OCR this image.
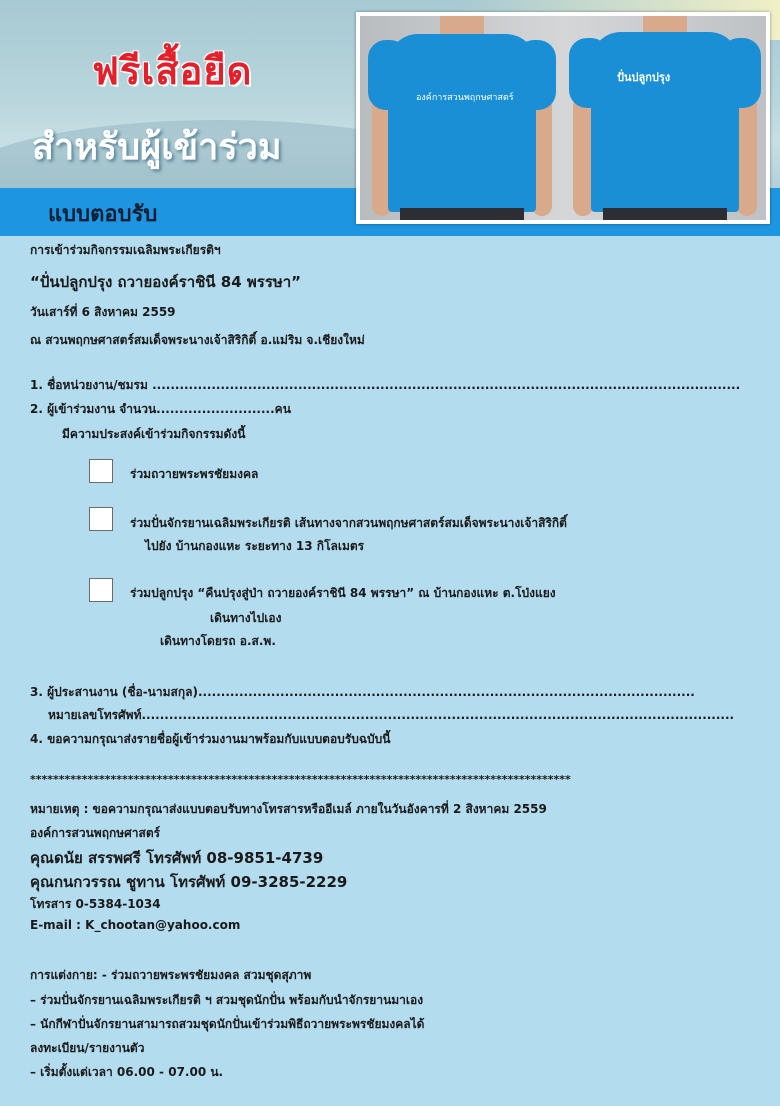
ฟรีเสื้อยืด
สำหรับผู้เข้าร่วม
แบบตอบรับ
องค์การสวนพฤกษศาสตร์
ปั่นปลูกปรุง
การเข้าร่วมกิจกรรมเฉลิมพระเกียรติฯ
“ปั่นปลูกปรุง ถวายองค์ราชินี 84 พรรษา”
วันเสาร์ที่ 6 สิงหาคม 2559
ณ สวนพฤกษศาสตร์สมเด็จพระนางเจ้าสิริกิติ์ อ.แม่ริม จ.เชียงใหม่
1. ชื่อหน่วยงาน/ชมรม .................................................................................................................................
2. ผู้เข้าร่วมงาน จำนวน..........................คน
มีความประสงค์เข้าร่วมกิจกรรมดังนี้
ร่วมถวายพระพรชัยมงคล
ร่วมปั่นจักรยานเฉลิมพระเกียรติ เส้นทางจากสวนพฤกษศาสตร์สมเด็จพระนางเจ้าสิริกิติ์
ไปยัง บ้านกองแหะ ระยะทาง 13 กิโลเมตร
ร่วมปลูกปรุง “คืนปรุงสู่ป่า ถวายองค์ราชินี 84 พรรษา” ณ บ้านกองแหะ ต.โป่งแยง
เดินทางไปเอง
เดินทางโดยรถ อ.ส.พ.
3. ผู้ประสานงาน (ชื่อ-นามสกุล).............................................................................................................
หมายเลขโทรศัพท์..................................................................................................................................
4. ขอความกรุณาส่งรายชื่อผู้เข้าร่วมงานมาพร้อมกับแบบตอบรับฉบับนี้
**********************************************************************************************
หมายเหตุ : ขอความกรุณาส่งแบบตอบรับทางโทรสารหรืออีเมล์ ภายในวันอังคารที่ 2 สิงหาคม 2559
องค์การสวนพฤกษศาสตร์
คุณดนัย สรรพศรี โทรศัพท์ 08-9851-4739
คุณกนกวรรณ ชูทาน โทรศัพท์ 09-3285-2229
โทรสาร 0-5384-1034
E-mail : K_chootan@yahoo.com
การแต่งกาย: - ร่วมถวายพระพรชัยมงคล สวมชุดสุภาพ
– ร่วมปั่นจักรยานเฉลิมพระเกียรติ ฯ สวมชุดนักปั่น พร้อมกับนำจักรยานมาเอง
– นักกีฬาปั่นจักรยานสามารถสวมชุดนักปั่นเข้าร่วมพิธีถวายพระพรชัยมงคลได้
ลงทะเบียน/รายงานตัว
– เริ่มตั้งแต่เวลา 06.00 - 07.00 น.
